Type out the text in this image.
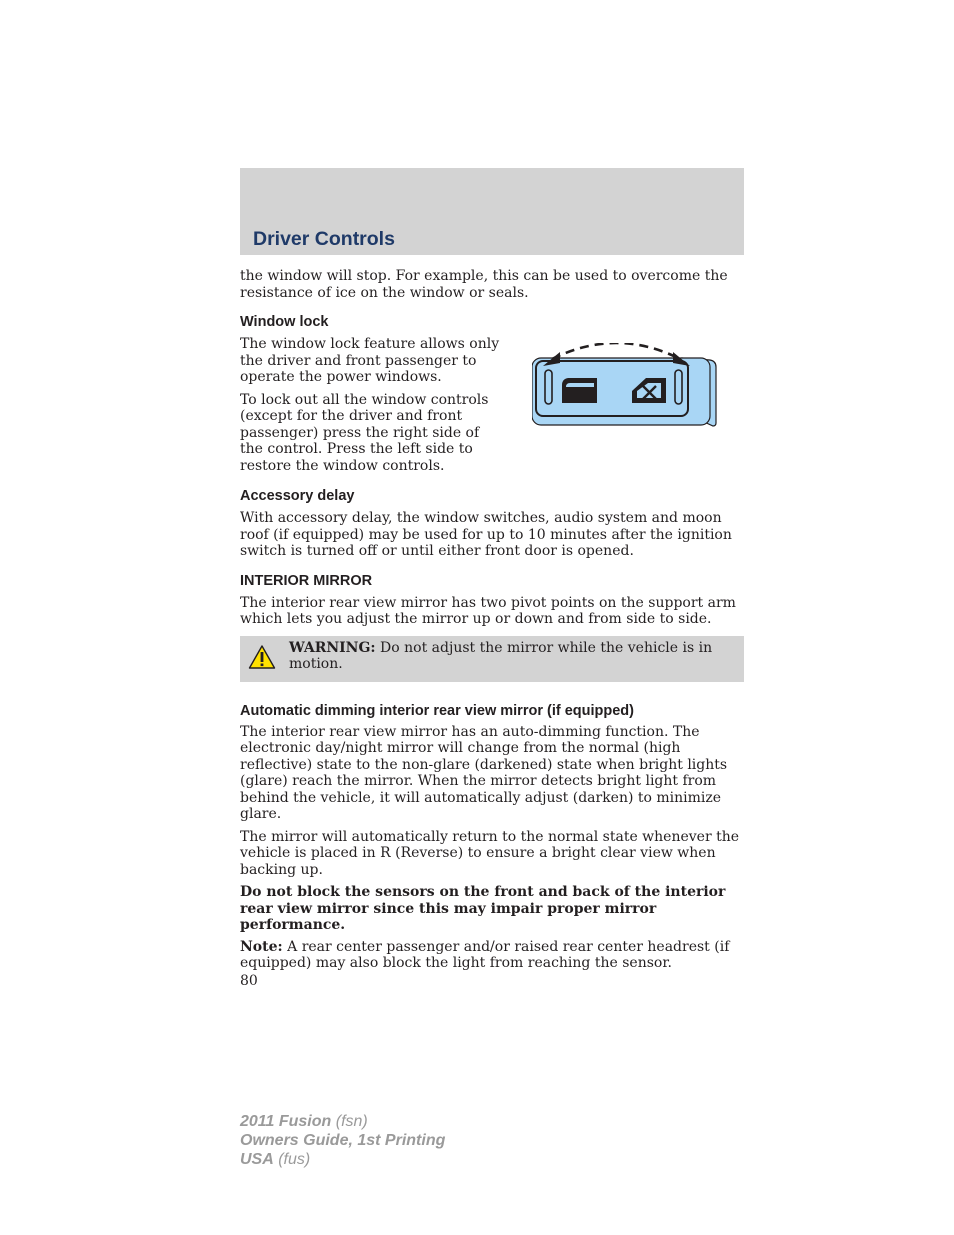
Driver Controls

the window will stop. For example, this can be used to overcome the resistance of ice on the window or seals.

Window lock

The window lock feature allows only the driver and front passenger to operate the power windows.

To lock out all the window controls (except for the driver and front passenger) press the right side of the control. Press the left side to restore the window controls.

Accessory delay

With accessory delay, the window switches, audio system and moon roof (if equipped) may be used for up to 10 minutes after the ignition switch is turned off or until either front door is opened.

INTERIOR MIRROR

The interior rear view mirror has two pivot points on the support arm which lets you adjust the mirror up or down and from side to side.

WARNING: Do not adjust the mirror while the vehicle is in motion.

Automatic dimming interior rear view mirror (if equipped)

The interior rear view mirror has an auto-dimming function. The electronic day/night mirror will change from the normal (high reflective) state to the non-glare (darkened) state when bright lights (glare) reach the mirror. When the mirror detects bright light from behind the vehicle, it will automatically adjust (darken) to minimize glare.

The mirror will automatically return to the normal state whenever the vehicle is placed in R (Reverse) to ensure a bright clear view when backing up.

Do not block the sensors on the front and back of the interior rear view mirror since this may impair proper mirror performance.

Note: A rear center passenger and/or raised rear center headrest (if equipped) may also block the light from reaching the sensor.

80

2011 Fusion (fsn)
Owners Guide, 1st Printing
USA (fus)
